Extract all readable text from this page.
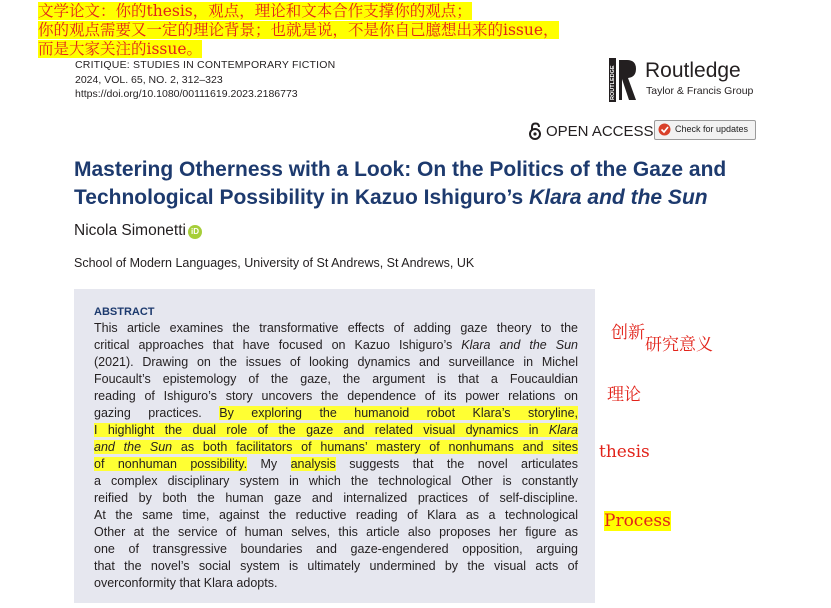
CRITIQUE: STUDIES IN CONTEMPORARY FICTION
2024, VOL. 65, NO. 2, 312–323
https://doi.org/10.1080/00111619.2023.2186773
文学论文：你的thesis，观点，理论和文本合作支撑你的观点；
你的观点需要又一定的理论背景；也就是说，不是你自己臆想出来的issue，
而是大家关注的issue。
ROUTLEDGE Routledge
Taylor & Francis Group
OPEN ACCESS Check for updates
Mastering Otherness with a Look: On the Politics of the Gaze and
Technological Possibility in Kazuo Ishiguro’s Klara and the Sun
Nicola Simonetti iD
School of Modern Languages, University of St Andrews, St Andrews, UK
ABSTRACT
This article examines the transformative effects of adding gaze theory to the
critical approaches that have focused on Kazuo Ishiguro’s Klara and the Sun
(2021). Drawing on the issues of looking dynamics and surveillance in Michel
Foucault’s epistemology of the gaze, the argument is that a Foucauldian
reading of Ishiguro’s story uncovers the dependence of its power relations on
gazing practices. By exploring the humanoid robot Klara’s storyline,
I highlight the dual role of the gaze and related visual dynamics in Klara
and the Sun as both facilitators of humans’ mastery of nonhumans and sites
of nonhuman possibility. My analysis suggests that the novel articulates
a complex disciplinary system in which the technological Other is constantly
reified by both the human gaze and internalized practices of self-discipline.
At the same time, against the reductive reading of Klara as a technological
Other at the service of human selves, this article also proposes her figure as
one of transgressive boundaries and gaze-engendered opposition, arguing
that the novel’s social system is ultimately undermined by the visual acts of
overconformity that Klara adopts.
创新
研究意义
理论
thesis
Process
